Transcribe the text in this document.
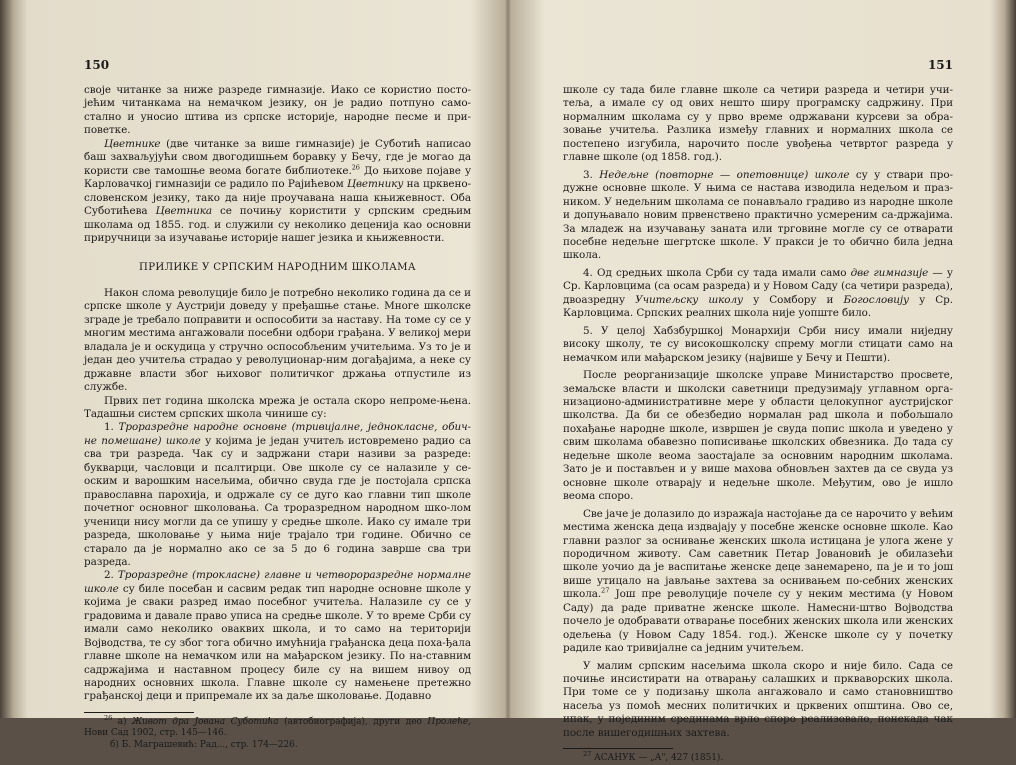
150

своје читанке за ниже разреде гимназије. Иако се користио посто-јећим читанкама на немачком језику, он је радио потпуно само-стално и уносио штива из српске историје, народне песме и при-поветке.

Цветнике (две читанке за више гимназије) је Суботић написао баш захваљујући свом двогодишњем боравку у Бечу, где је могао да користи све тамошње веома богате библиотеке.$^{26}$ До њихове појаве у Карловачкој гимназији се радило по Рајићевом Цветнику на црквено-словенском језику, тако да није проучавана наша књижевност. Оба Суботићева Цветника се почињу користити у српским средњим школама од 1855. год. и служили су неколико деценија као основни приручници за изучавање историје нашег језика и књижевности.

ПРИЛИКЕ У СРПСКИМ НАРОДНИМ ШКОЛАМА

Након слома револуције било је потребно неколико година да се и српске школе у Аустрији доведу у пређашње стање. Многе школске зграде је требало поправити и оспособити за наставу. На томе су се у многим местима ангажовали посебни одбори грађана. У великој мери владала је и оскудица у стручно оспособљеним учитељима. Уз то је и један део учитеља страдао у револуционар-ним догађајима, а неке су државне власти због њиховог политичког држања отпустиле из службе.

Првих пет година школска мрежа је остала скоро непроме-њена. Тадашњи систем српских школа чинише су:

1. Троразредне народне основне (тривијалне, једнокласне, обич-не помешане) школе у којима је један учитељ истовремено радио са сва три разреда. Чак су и задржани стари називи за разреде: букварци, часловци и псалтирци. Ове школе су се налазиле у се-оским и варошким насељима, обично свуда где је постојала српска православна парохија, и одржале су се дуго као главни тип школе почетног основног школовања. Са троразредном народном шко-лом ученици нису могли да се упишу у средње школе. Иако су имале три разреда, школовање у њима није трајало три године. Обично се старало да је нормално ако се за 5 до 6 година заврше сва три разреда.

2. Троразредне (трокласне) главне и четвороразредне нормалне школе су биле посебан и сасвим редак тип народне основне школе у којима је сваки разред имао посебног учитеља. Налазиле су се у градовима и давале право уписа на средње школе. У то време Срби су имали само неколико оваквих школа, и то само на територији Војводства, те су због тога обично имућнија грађанска деца поха-ђала главне школе на немачком или на мађарском језику. По на-ставним садржајима и наставном процесу биле су на вишем нивоу од народних основних школа. Главне школе су намењене претежно грађанској деци и припремале их за даље школовање. Додавно

$^{26}$ а) Живот дра Јована Суботића (автобиографија), други део Пролеће, Нови Сад 1902, стр. 145—146.

б) Б. Маграшевић: Рад..., стр. 174—226.

151

школе су тада биле главне школе са четири разреда и четири учи-теља, а имале су од ових нешто ширу програмску садржину. При нормалним школама су у прво време одржавани курсеви за обра-зовање учитеља. Разлика између главних и нормалних школа се постепено изгубила, нарочито после увођења четвртог разреда у главне школе (од 1858. год.).

3. Недељне (повторне — опетовнице) школе су у ствари про-дужне основне школе. У њима се настава изводила недељом и праз-ником. У недељним школама се понављало градиво из народне школе и допуњавало новим првенствено практично усмереним са-држајима. За младеж на изучавању заната или трговине могле су се отварати посебне недељне шегртске школе. У пракси је то обично била једна школа.

4. Од средњих школа Срби су тада имали само две гимназије — у Ср. Карловцима (са осам разреда) и у Новом Саду (са четири разреда), двоазредну Учитељску школу у Сомбору и Богословију у Ср. Карловцима. Српских реалних школа није уопште било.

5. У целој Хабзбуршкој Монархији Срби нису имали ниједну високу школу, те су високошколску спрему могли стицати само на немачком или мађарском језику (највише у Бечу и Пешти).

После реорганизације школске управе Министарство просвете, земаљске власти и школски саветници предузимају углавном орга-низационо-административне мере у области целокупног аустријског школства. Да би се обезбедио нормалан рад школа и побољшало похађање народне школе, извршен је свуда попис школа и уведено у свим школама обавезно пописивање школских обвезника. До тада су недељне школе веома заостајале за основним народним школама. Зато је и постављен и у више махова обновљен захтев да се свуда уз основне школе отварају и недељне школе. Међутим, ово је ишло веома споро.

Све јаче је долазило до изражаја настојање да се нарочито у већим местима женска деца издвајају у посебне женске основне школе. Као главни разлог за оснивање женских школа истицана је улога жене у породичном животу. Сам саветник Петар Јовановић је обилазећи школе уочио да је васпитање женске деце занемарено, па је и то још више утицало на јављање захтева за оснивањем по-себних женских школа.$^{27}$ Још пре револуције почеле су у неким местима (у Новом Саду) да раде приватне женске школе. Намесни-штво Војводства почело је одобравати отварање посебних женских школа или женских одељења (у Новом Саду 1854. год.). Женске школе су у почетку радиле као тривијалне са једним учитељем.

У малим српским насељима школа скоро и није било. Сада се почиње инсистирати на отварању салашких и пркваворских школа. При томе се у подизању школа ангажовало и само становништво насеља уз помоћ месних политичких и црквених општина. Ово се, ипак, у појединим срединама врло споро реализовало, понекада чак после вишегодишњих захтева.

$^{27}$ АСАНУК — „А", 427 (1851).
